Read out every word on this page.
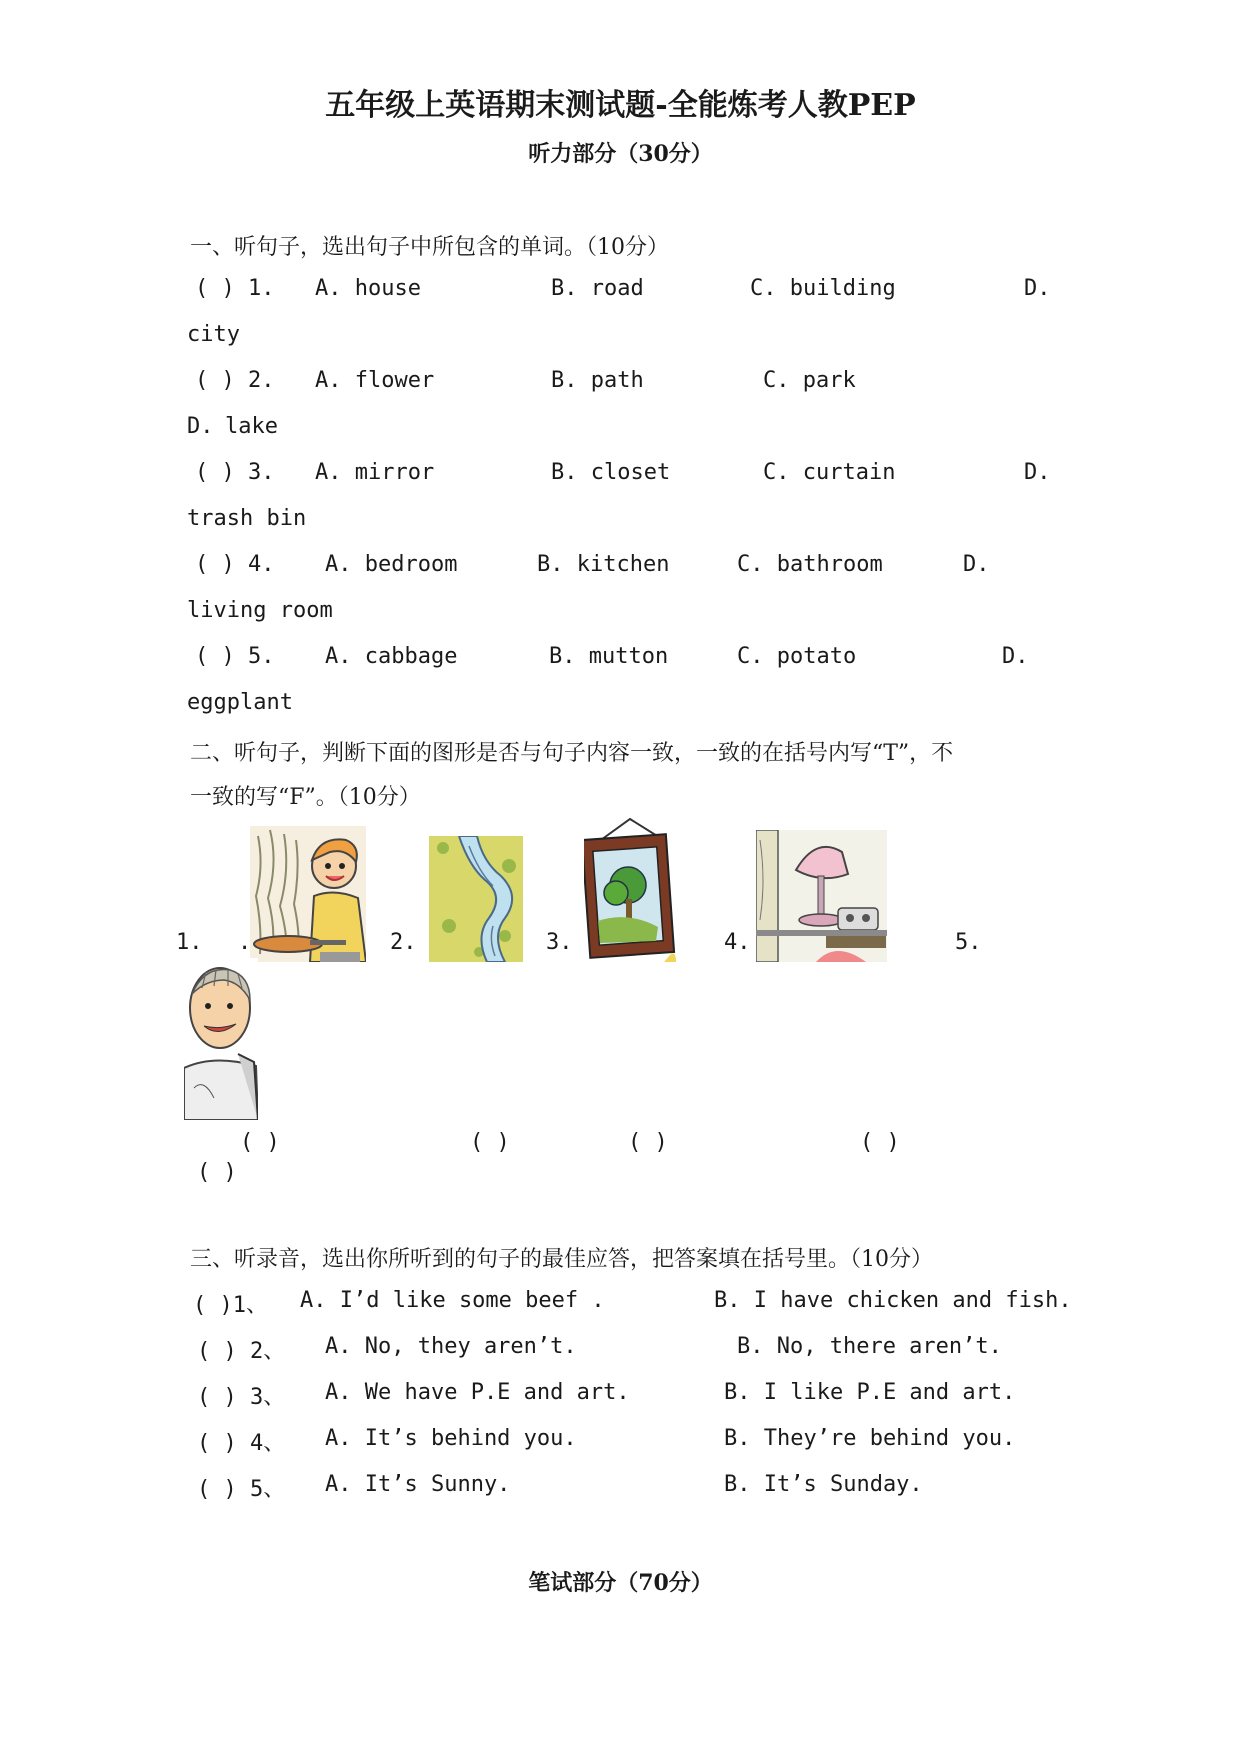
五年级上英语期末测试题-全能炼考人教PEP
听力部分（30分）
一、听句子，选出句子中所包含的单词。（10分）
( ) 1. A. house	B. road	C. building	D.
city
( ) 2. A. flower	B. path	C. park
D. lake
( ) 3. A. mirror	B. closet	C. curtain	D.
trash bin
( ) 4. A. bedroom	B. kitchen	C. bathroom	D.
living room
( ) 5. A. cabbage	B. mutton	C. potato	D.
eggplant
二、听句子，判断下面的图形是否与句子内容一致，一致的在括号内写“T”，不
一致的写“F”。（10分）
1. .	2.	3.	4.	5.
( )	( )	( )	( )
( )
三、听录音，选出你所听到的句子的最佳应答，把答案填在括号里。（10分）
( )1、 A. I’d like some beef .	B. I have chicken and fish.
( ) 2、 A. No, they aren’t.	B. No, there aren’t.
( ) 3、 A. We have P.E and art.	B. I like P.E and art.
( ) 4、 A. It’s behind you.	B. They’re behind you.
( ) 5、 A. It’s Sunny.	B. It’s Sunday.
笔试部分（70分）
